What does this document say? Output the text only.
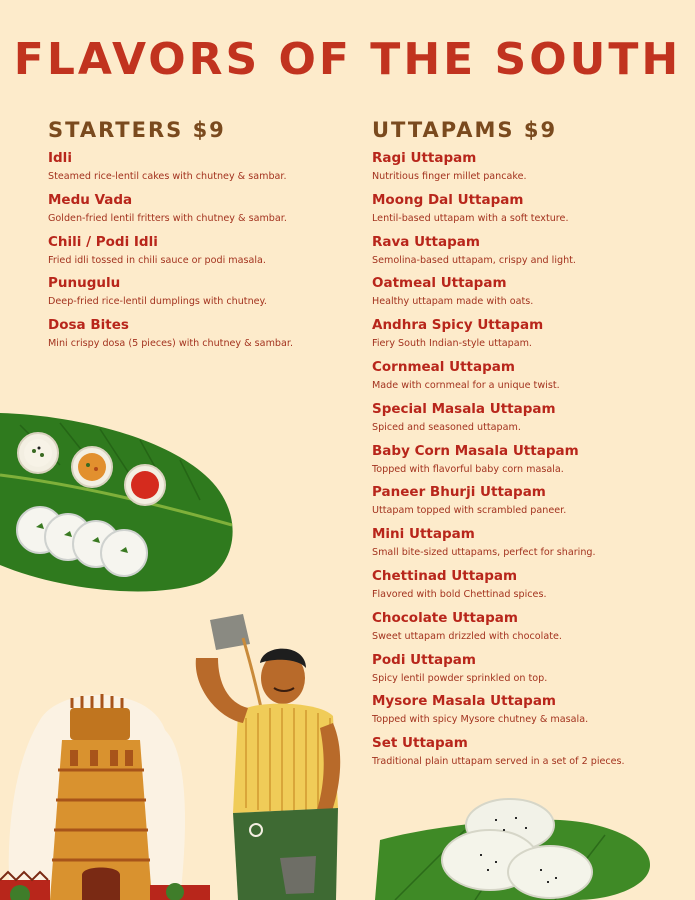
FLAVORS OF THE SOUTH
STARTERS $9
Idli
Steamed rice-lentil cakes with chutney & sambar.
Medu Vada
Golden-fried lentil fritters with chutney & sambar.
Chili / Podi Idli
Fried idli tossed in chili sauce or podi masala.
Punugulu
Deep-fried rice-lentil dumplings with chutney.
Dosa Bites
Mini crispy dosa (5 pieces) with chutney & sambar.
UTTAPAMS $9
Ragi Uttapam
Nutritious finger millet pancake.
Moong Dal Uttapam
Lentil-based uttapam with a soft texture.
Rava Uttapam
Semolina-based uttapam, crispy and light.
Oatmeal Uttapam
Healthy uttapam made with oats.
Andhra Spicy Uttapam
Fiery South Indian-style uttapam.
Cornmeal Uttapam
Made with cornmeal for a unique twist.
Special Masala Uttapam
Spiced and seasoned uttapam.
Baby Corn Masala Uttapam
Topped with flavorful baby corn masala.
Paneer Bhurji Uttapam
Uttapam topped with scrambled paneer.
Mini Uttapam
Small bite-sized uttapams, perfect for sharing.
Chettinad Uttapam
Flavored with bold Chettinad spices.
Chocolate Uttapam
Sweet uttapam drizzled with chocolate.
Podi Uttapam
Spicy lentil powder sprinkled on top.
Mysore Masala Uttapam
Topped with spicy Mysore chutney & masala.
Set Uttapam
Traditional plain uttapam served in a set of 2 pieces.
